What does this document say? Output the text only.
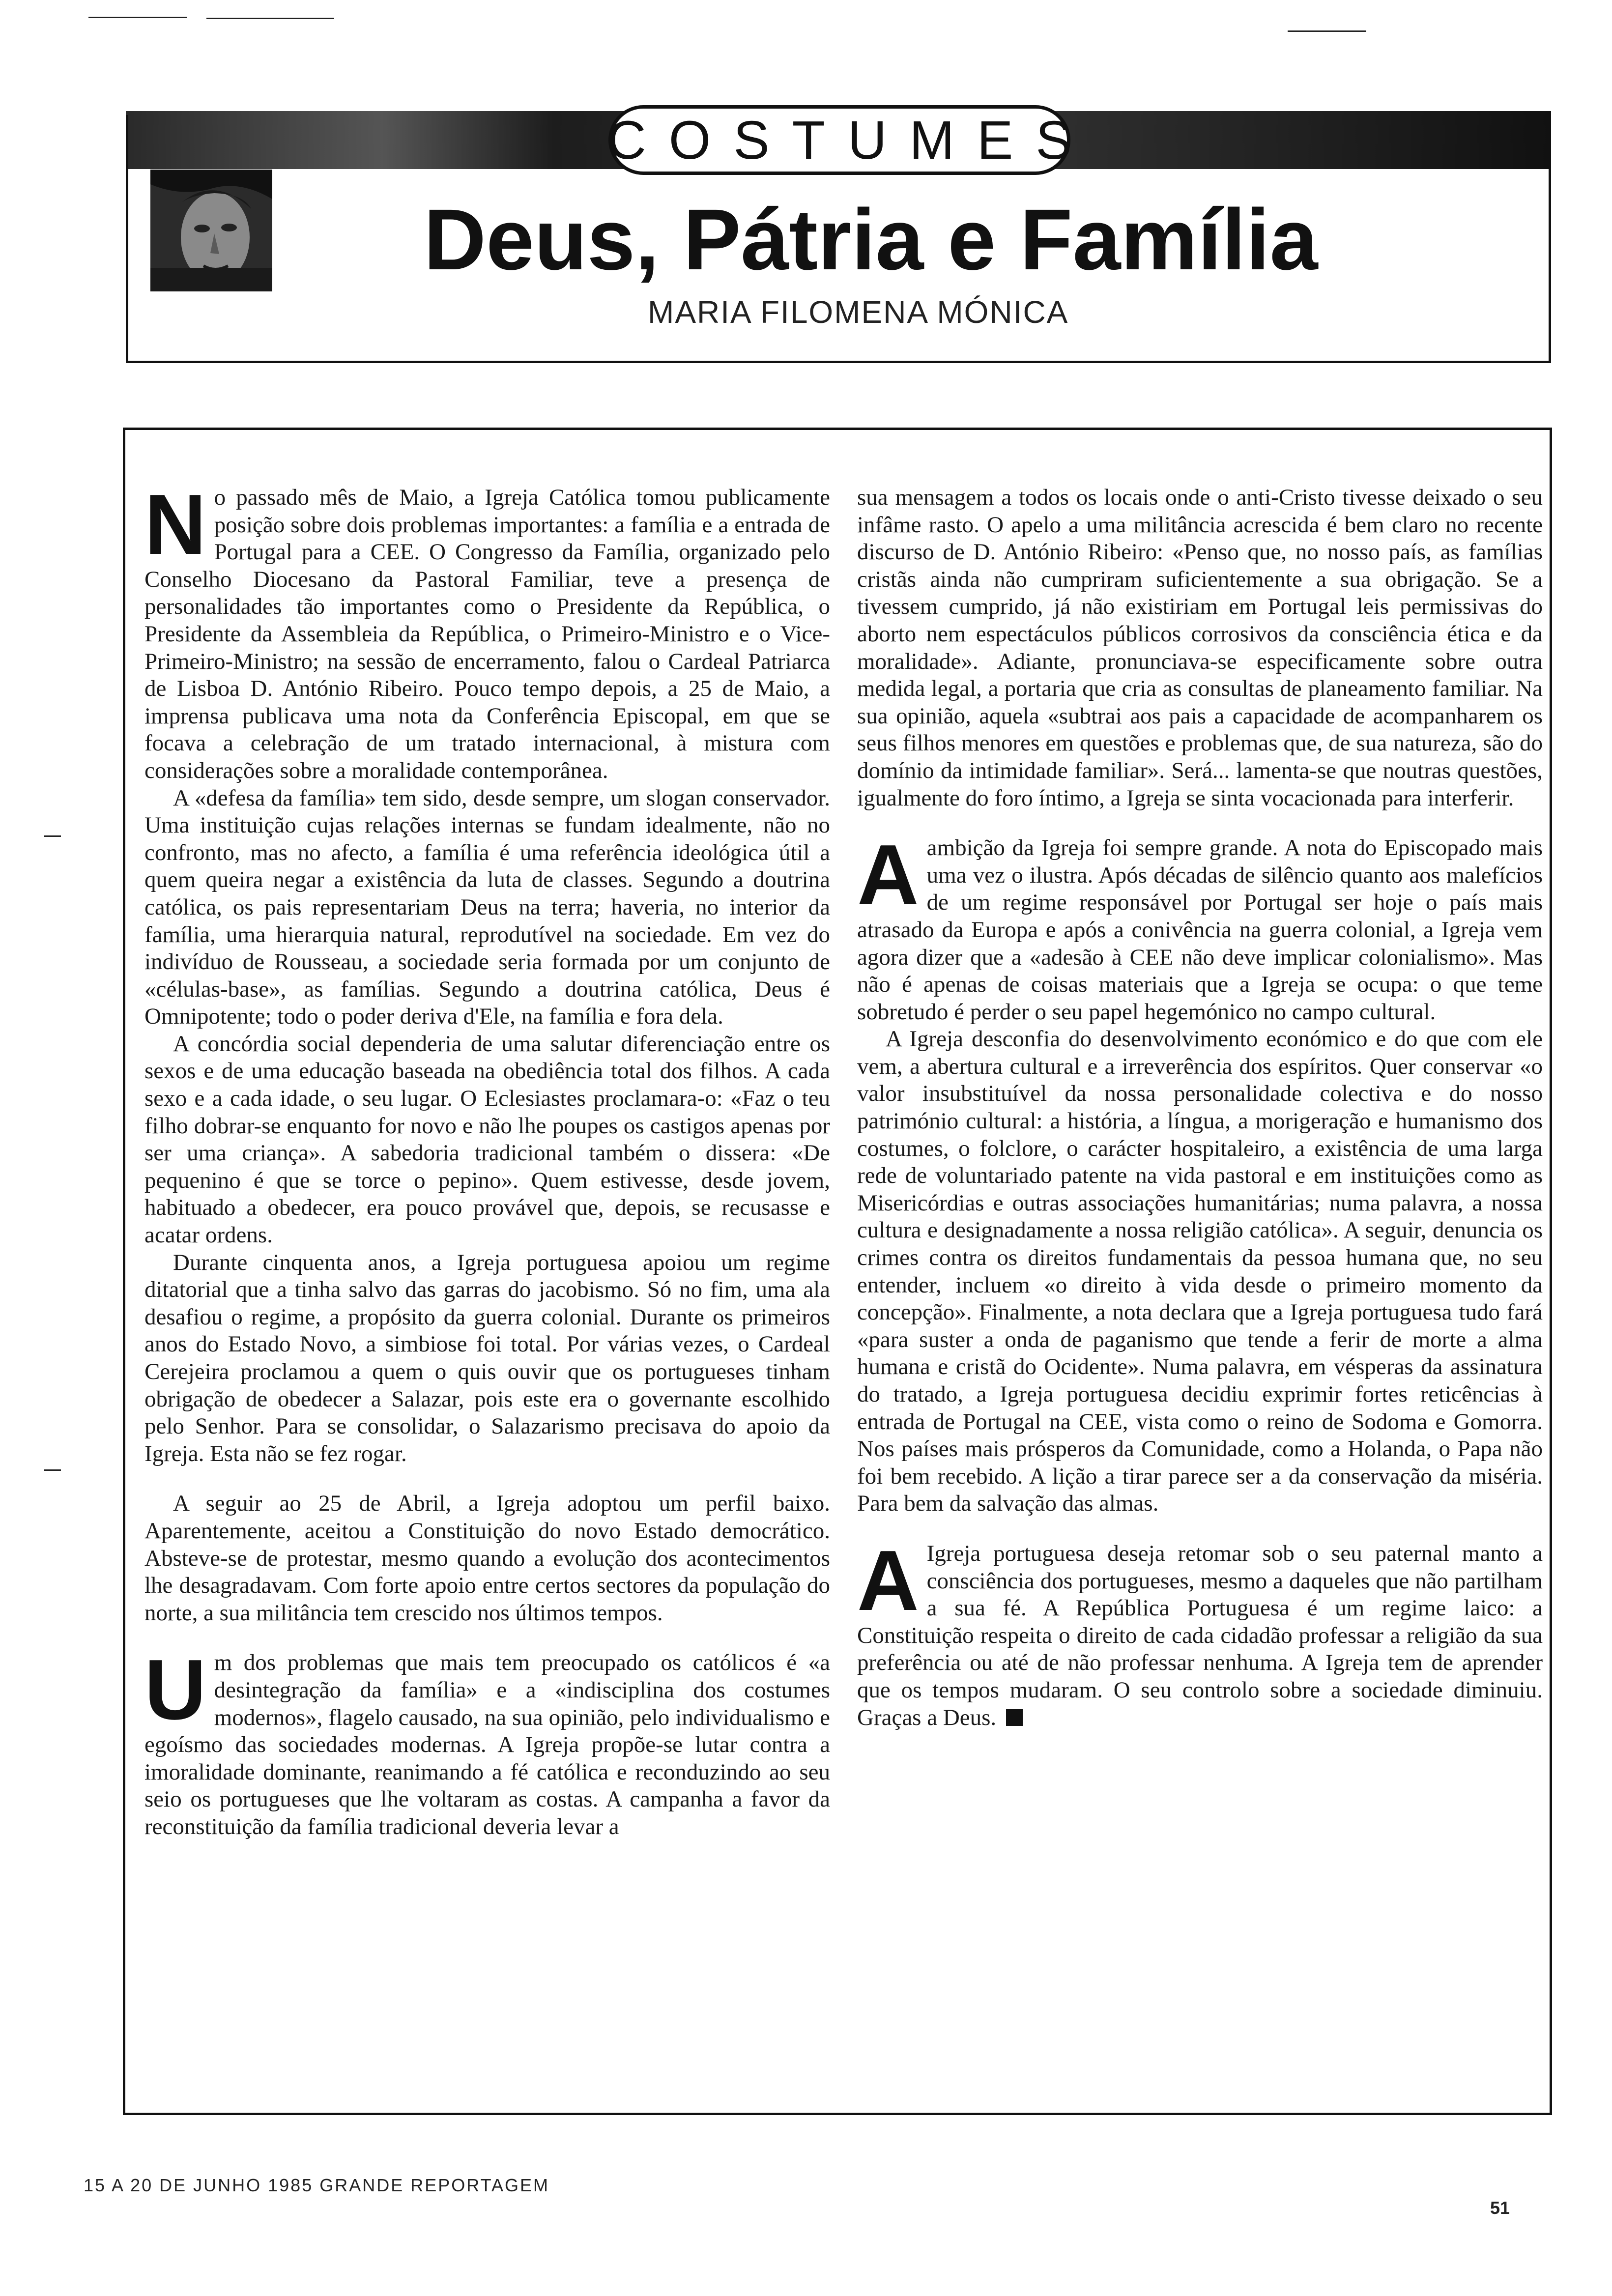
COSTUMES
Deus, Pátria e Família
MARIA FILOMENA MÓNICA

No passado mês de Maio, a Igreja Católica tomou publicamente posição sobre dois problemas importantes: a família e a entrada de Portugal para a CEE. O Congresso da Família, organizado pelo Conselho Diocesano da Pastoral Familiar, teve a presença de personalidades tão importantes como o Presidente da República, o Presidente da Assembleia da República, o Primeiro-Ministro e o Vice-Primeiro-Ministro; na sessão de encerramento, falou o Cardeal Patriarca de Lisboa D. António Ribeiro. Pouco tempo depois, a 25 de Maio, a imprensa publicava uma nota da Conferência Episcopal, em que se focava a celebração de um tratado internacional, à mistura com considerações sobre a moralidade contemporânea.

A «defesa da família» tem sido, desde sempre, um slogan conservador. Uma instituição cujas relações internas se fundam idealmente, não no confronto, mas no afecto, a família é uma referência ideológica útil a quem queira negar a existência da luta de classes. Segundo a doutrina católica, os pais representariam Deus na terra; haveria, no interior da família, uma hierarquia natural, reprodutível na sociedade. Em vez do indivíduo de Rousseau, a sociedade seria formada por um conjunto de «células-base», as famílias. Segundo a doutrina católica, Deus é Omnipotente; todo o poder deriva d'Ele, na família e fora dela.

A concórdia social dependeria de uma salutar diferenciação entre os sexos e de uma educação baseada na obediência total dos filhos. A cada sexo e a cada idade, o seu lugar. O Eclesiastes proclamara-o: «Faz o teu filho dobrar-se enquanto for novo e não lhe poupes os castigos apenas por ser uma criança». A sabedoria tradicional também o dissera: «De pequenino é que se torce o pepino». Quem estivesse, desde jovem, habituado a obedecer, era pouco provável que, depois, se recusasse e acatar ordens.

Durante cinquenta anos, a Igreja portuguesa apoiou um regime ditatorial que a tinha salvo das garras do jacobismo. Só no fim, uma ala desafiou o regime, a propósito da guerra colonial. Durante os primeiros anos do Estado Novo, a simbiose foi total. Por várias vezes, o Cardeal Cerejeira proclamou a quem o quis ouvir que os portugueses tinham obrigação de obedecer a Salazar, pois este era o governante escolhido pelo Senhor. Para se consolidar, o Salazarismo precisava do apoio da Igreja. Esta não se fez rogar.

A seguir ao 25 de Abril, a Igreja adoptou um perfil baixo. Aparentemente, aceitou a Constituição do novo Estado democrático. Absteve-se de protestar, mesmo quando a evolução dos acontecimentos lhe desagradavam. Com forte apoio entre certos sectores da população do norte, a sua militância tem crescido nos últimos tempos.

Um dos problemas que mais tem preocupado os católicos é «a desintegração da família» e a «indisciplina dos costumes modernos», flagelo causado, na sua opinião, pelo individualismo e egoísmo das sociedades modernas. A Igreja propõe-se lutar contra a imoralidade dominante, reanimando a fé católica e reconduzindo ao seu seio os portugueses que lhe voltaram as costas. A campanha a favor da reconstituição da família tradicional deveria levar a

sua mensagem a todos os locais onde o anti-Cristo tivesse deixado o seu infâme rasto. O apelo a uma militância acrescida é bem claro no recente discurso de D. António Ribeiro: «Penso que, no nosso país, as famílias cristãs ainda não cumpriram suficientemente a sua obrigação. Se a tivessem cumprido, já não existiriam em Portugal leis permissivas do aborto nem espectáculos públicos corrosivos da consciência ética e da moralidade». Adiante, pronunciava-se especificamente sobre outra medida legal, a portaria que cria as consultas de planeamento familiar. Na sua opinião, aquela «subtrai aos pais a capacidade de acompanharem os seus filhos menores em questões e problemas que, de sua natureza, são do domínio da intimidade familiar». Será... lamenta-se que noutras questões, igualmente do foro íntimo, a Igreja se sinta vocacionada para interferir.

Aambição da Igreja foi sempre grande. A nota do Episcopado mais uma vez o ilustra. Após décadas de silêncio quanto aos malefícios de um regime responsável por Portugal ser hoje o país mais atrasado da Europa e após a conivência na guerra colonial, a Igreja vem agora dizer que a «adesão à CEE não deve implicar colonialismo». Mas não é apenas de coisas materiais que a Igreja se ocupa: o que teme sobretudo é perder o seu papel hegemónico no campo cultural.

A Igreja desconfia do desenvolvimento económico e do que com ele vem, a abertura cultural e a irreverência dos espíritos. Quer conservar «o valor insubstituível da nossa personalidade colectiva e do nosso património cultural: a história, a língua, a morigeração e humanismo dos costumes, o folclore, o carácter hospitaleiro, a existência de uma larga rede de voluntariado patente na vida pastoral e em instituições como as Misericórdias e outras associações humanitárias; numa palavra, a nossa cultura e designadamente a nossa religião católica». A seguir, denuncia os crimes contra os direitos fundamentais da pessoa humana que, no seu entender, incluem «o direito à vida desde o primeiro momento da concepção». Finalmente, a nota declara que a Igreja portuguesa tudo fará «para suster a onda de paganismo que tende a ferir de morte a alma humana e cristã do Ocidente». Numa palavra, em vésperas da assinatura do tratado, a Igreja portuguesa decidiu exprimir fortes reticências à entrada de Portugal na CEE, vista como o reino de Sodoma e Gomorra. Nos países mais prósperos da Comunidade, como a Holanda, o Papa não foi bem recebido. A lição a tirar parece ser a da conservação da miséria. Para bem da salvação das almas.

A Igreja portuguesa deseja retomar sob o seu paternal manto a consciência dos portugueses, mesmo a daqueles que não partilham a sua fé. A República Portuguesa é um regime laico: a Constituição respeita o direito de cada cidadão professar a religião da sua preferência ou até de não professar nenhuma. A Igreja tem de aprender que os tempos mudaram. O seu controlo sobre a sociedade diminuiu. Graças a Deus.

15 A 20 DE JUNHO 1985 GRANDE REPORTAGEM
51
